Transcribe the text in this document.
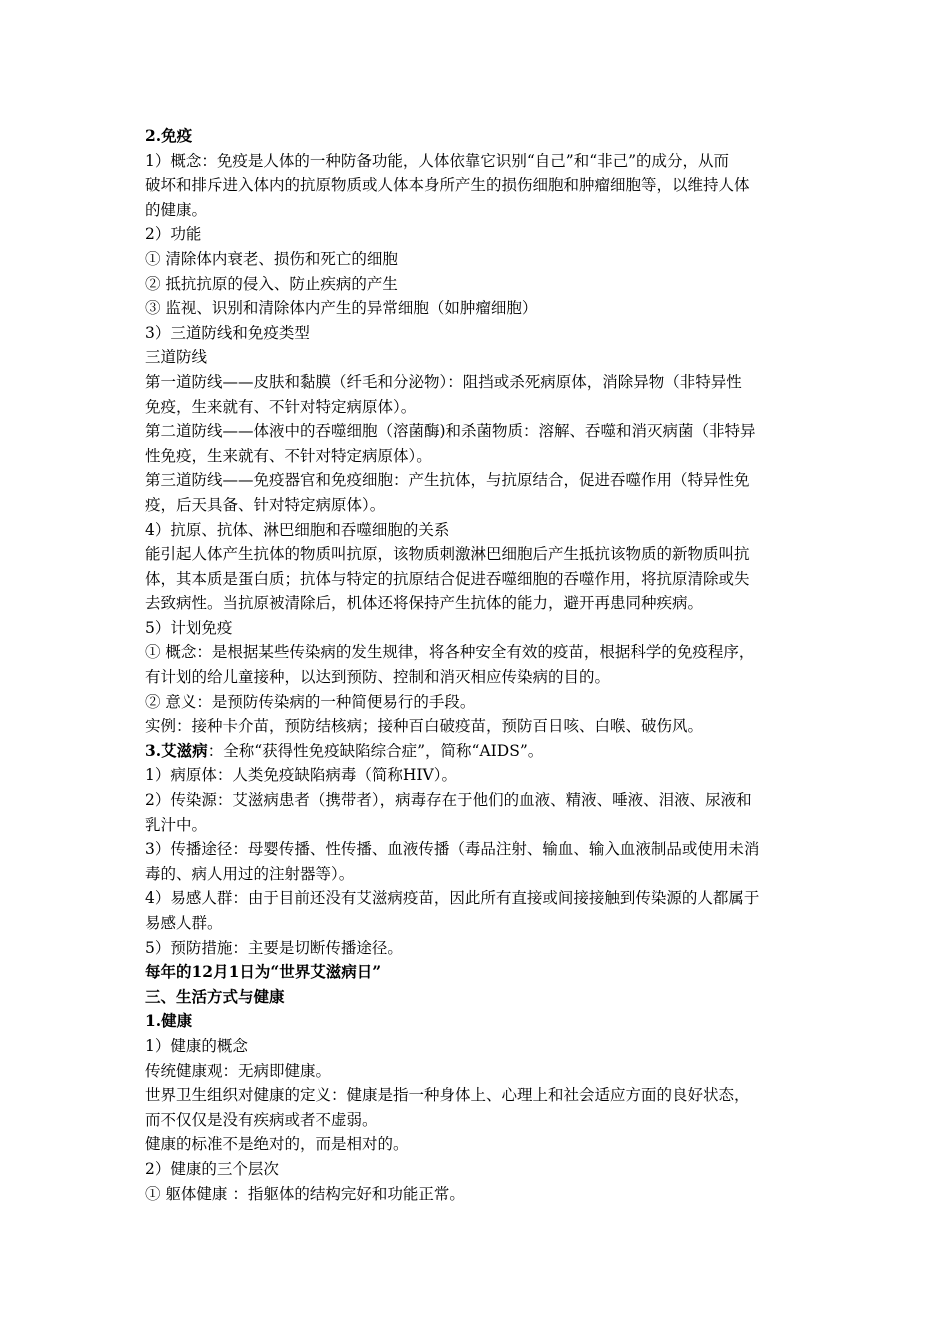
2.免疫
1）概念：免疫是人体的一种防备功能，人体依靠它识别“自己”和“非己”的成分，从而
破坏和排斥进入体内的抗原物质或人体本身所产生的损伤细胞和肿瘤细胞等，以维持人体
的健康。
2）功能
① 清除体内衰老、损伤和死亡的细胞
② 抵抗抗原的侵入、防止疾病的产生
③ 监视、识别和清除体内产生的异常细胞（如肿瘤细胞）
3）三道防线和免疫类型
三道防线
第一道防线——皮肤和黏膜（纤毛和分泌物）：阻挡或杀死病原体，消除异物（非特异性
免疫，生来就有、不针对特定病原体）。
第二道防线——体液中的吞噬细胞（溶菌酶)和杀菌物质：溶解、吞噬和消灭病菌（非特异
性免疫，生来就有、不针对特定病原体）。
第三道防线——免疫器官和免疫细胞：产生抗体，与抗原结合，促进吞噬作用（特异性免
疫，后天具备、针对特定病原体）。
4）抗原、抗体、淋巴细胞和吞噬细胞的关系
能引起人体产生抗体的物质叫抗原，该物质刺激淋巴细胞后产生抵抗该物质的新物质叫抗
体，其本质是蛋白质；抗体与特定的抗原结合促进吞噬细胞的吞噬作用，将抗原清除或失
去致病性。当抗原被清除后，机体还将保持产生抗体的能力，避开再患同种疾病。
5）计划免疫
① 概念：是根据某些传染病的发生规律，将各种安全有效的疫苗，根据科学的免疫程序，
有计划的给儿童接种，以达到预防、控制和消灭相应传染病的目的。
② 意义：是预防传染病的一种简便易行的手段。
实例：接种卡介苗，预防结核病；接种百白破疫苗，预防百日咳、白喉、破伤风。
3.艾滋病：全称“获得性免疫缺陷综合症”，简称“AIDS”。
1）病原体：人类免疫缺陷病毒（简称HIV）。
2）传染源：艾滋病患者（携带者），病毒存在于他们的血液、精液、唾液、泪液、尿液和
乳汁中。
3）传播途径：母婴传播、性传播、血液传播（毒品注射、输血、输入血液制品或使用未消
毒的、病人用过的注射器等）。
4）易感人群：由于目前还没有艾滋病疫苗，因此所有直接或间接接触到传染源的人都属于
易感人群。
5）预防措施：主要是切断传播途径。
每年的12月1日为“世界艾滋病日”
三、生活方式与健康
1.健康
1）健康的概念
传统健康观：无病即健康。
世界卫生组织对健康的定义：健康是指一种身体上、心理上和社会适应方面的良好状态，
而不仅仅是没有疾病或者不虚弱。
健康的标准不是绝对的，而是相对的。
2）健康的三个层次
① 躯体健康 ：指躯体的结构完好和功能正常。
